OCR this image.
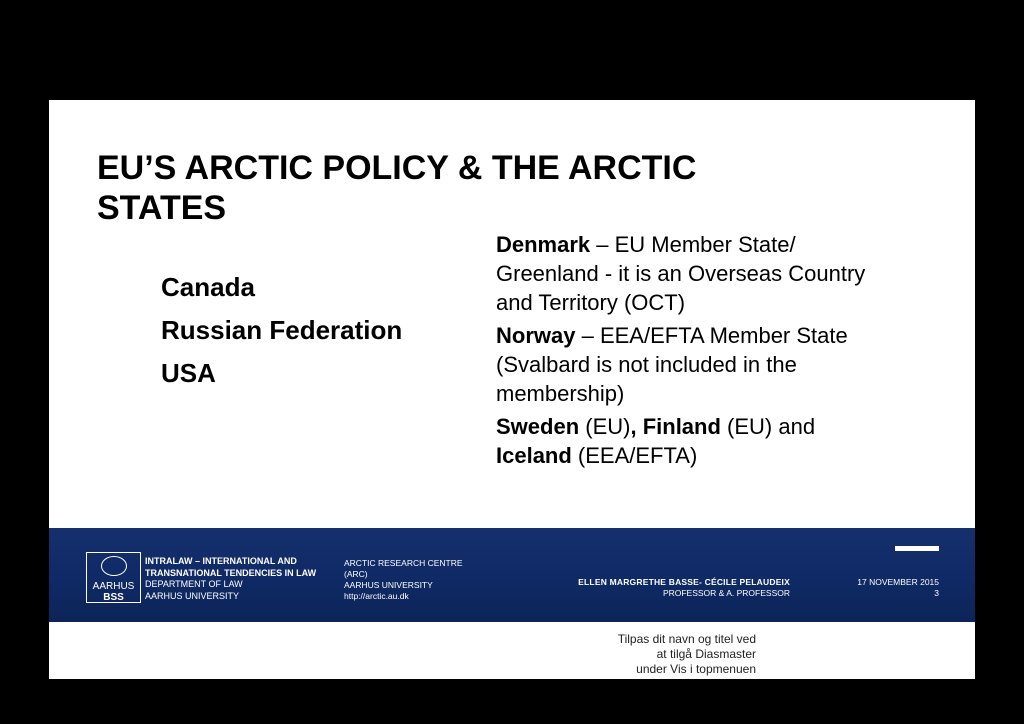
EU’S ARCTIC POLICY & THE ARCTIC
STATES
Canada
Russian Federation
USA

Denmark – EU Member State/
Greenland - it is an Overseas Country
and Territory (OCT)

Norway – EEA/EFTA Member State
(Svalbard is not included in the
membership)

Sweden (EU), Finland (EU) and
Iceland (EEA/EFTA)

AARHUS
BSS
INTRALAW – INTERNATIONAL AND
TRANSNATIONAL TENDENCIES IN LAW
DEPARTMENT OF LAW
AARHUS UNIVERSITY
ARCTIC RESEARCH CENTRE
(ARC)
AARHUS UNIVERSITY
http://arctic.au.dk
ELLEN MARGRETHE BASSE- CÉCILE PELAUDEIX
PROFESSOR & A. PROFESSOR
17 NOVEMBER 2015
3
Tilpas dit navn og titel ved
at tilgå Diasmaster
under Vis i topmenuen
